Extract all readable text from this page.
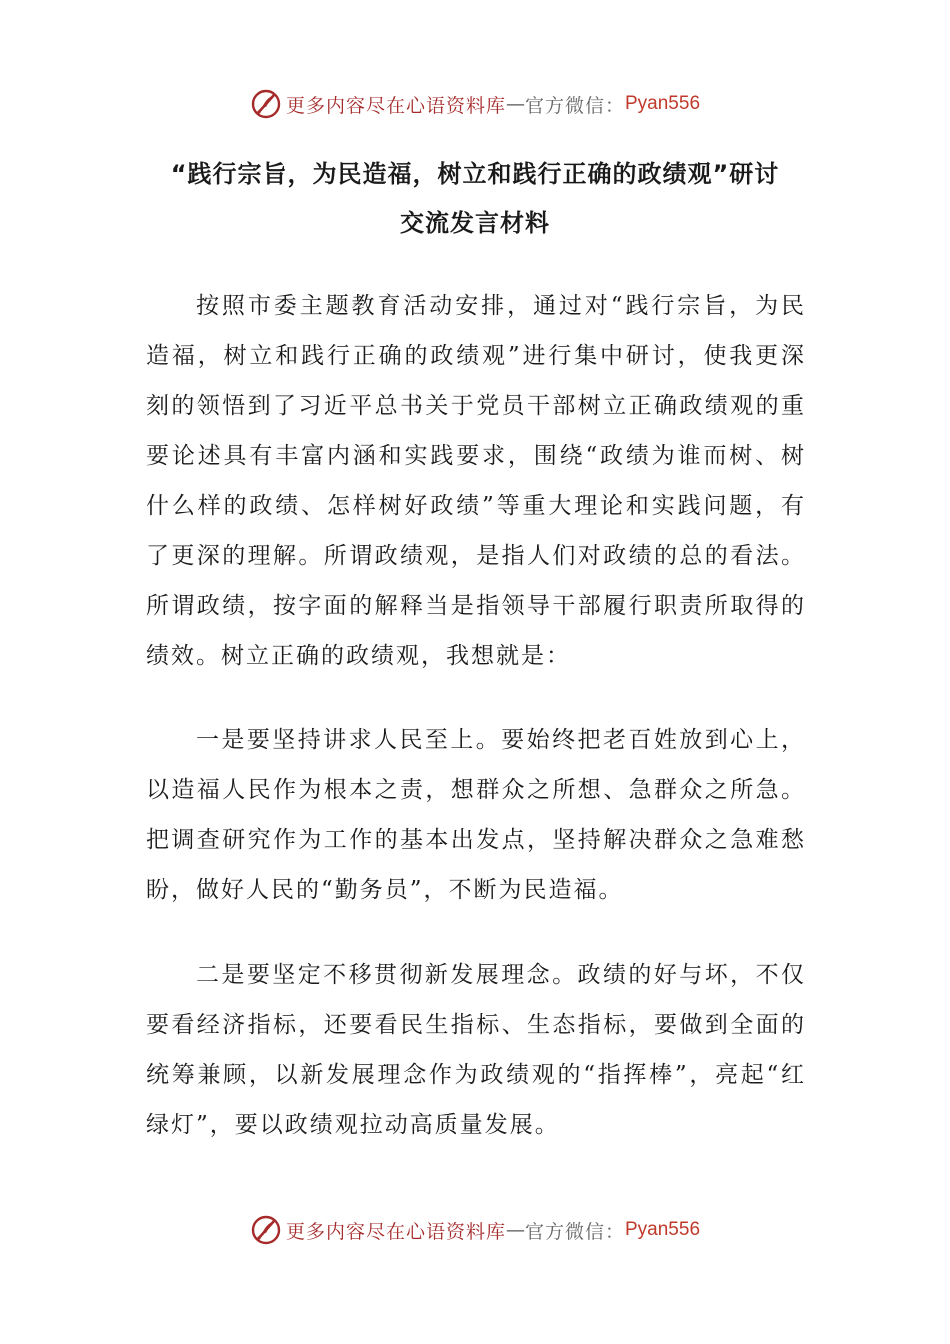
更多内容尽在心语资料库 — 官方微信： Pyan556
“践行宗旨，为民造福，树立和践行正确的政绩观”研讨
交流发言材料

按照市委主题教育活动安排，通过对“践行宗旨，为民造福，树立和践行正确的政绩观”进行集中研讨，使我更深刻的领悟到了习近平总书关于党员干部树立正确政绩观的重要论述具有丰富内涵和实践要求，围绕“政绩为谁而树、树什么样的政绩、怎样树好政绩”等重大理论和实践问题，有了更深的理解。所谓政绩观，是指人们对政绩的总的看法。所谓政绩，按字面的解释当是指领导干部履行职责所取得的绩效。树立正确的政绩观，我想就是：

一是要坚持讲求人民至上。要始终把老百姓放到心上，以造福人民作为根本之责，想群众之所想、急群众之所急。把调查研究作为工作的基本出发点，坚持解决群众之急难愁盼，做好人民的“勤务员”，不断为民造福。

二是要坚定不移贯彻新发展理念。政绩的好与坏，不仅要看经济指标，还要看民生指标、生态指标，要做到全面的统筹兼顾，以新发展理念作为政绩观的“指挥棒”，亮起“红绿灯”，要以政绩观拉动高质量发展。

更多内容尽在心语资料库 — 官方微信： Pyan556
